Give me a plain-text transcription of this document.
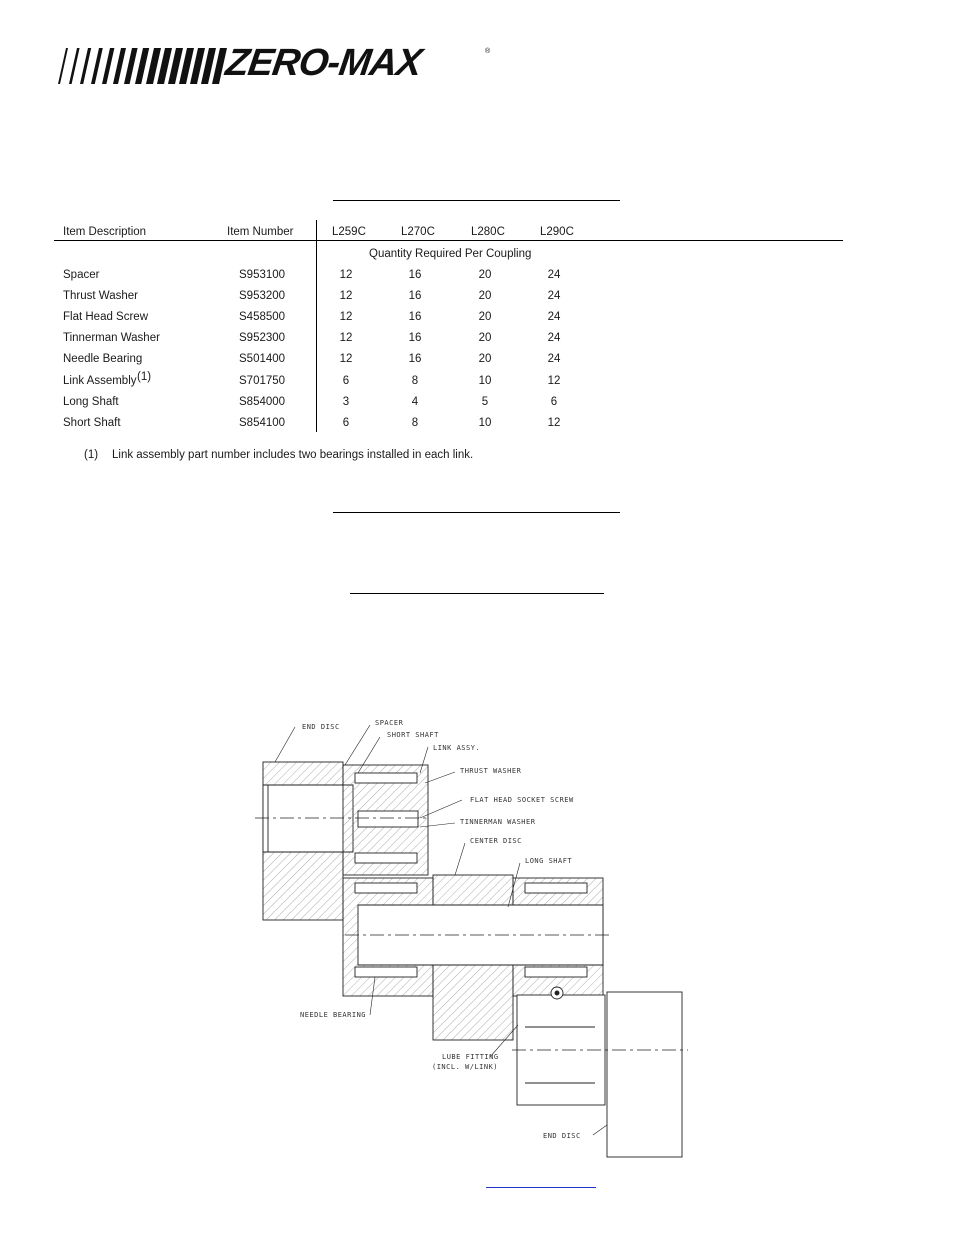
ZERO-MAX	®
Item Description	Item Number	L259C	L270C	L280C	L290C
Quantity Required Per Coupling
Spacer	S953100	12	16	20	24
Thrust Washer	S953200	12	16	20	24
Flat Head Screw	S458500	12	16	20	24
Tinnerman Washer	S952300	12	16	20	24
Needle Bearing	S501400	12	16	20	24
Link Assembly (1)	S701750	6	8	10	12
Long Shaft	S854000	3	4	5	6
Short Shaft	S854100	6	8	10	12
(1) Link assembly part number includes two bearings installed in each link.
END DISC	SPACER
SHORT SHAFT
LINK ASSY.
THRUST WASHER
FLAT HEAD SOCKET SCREW
TINNERMAN WASHER
CENTER DISC
LONG SHAFT
NEEDLE BEARING
LUBE FITTING
(INCL. W/LINK)
END DISC
